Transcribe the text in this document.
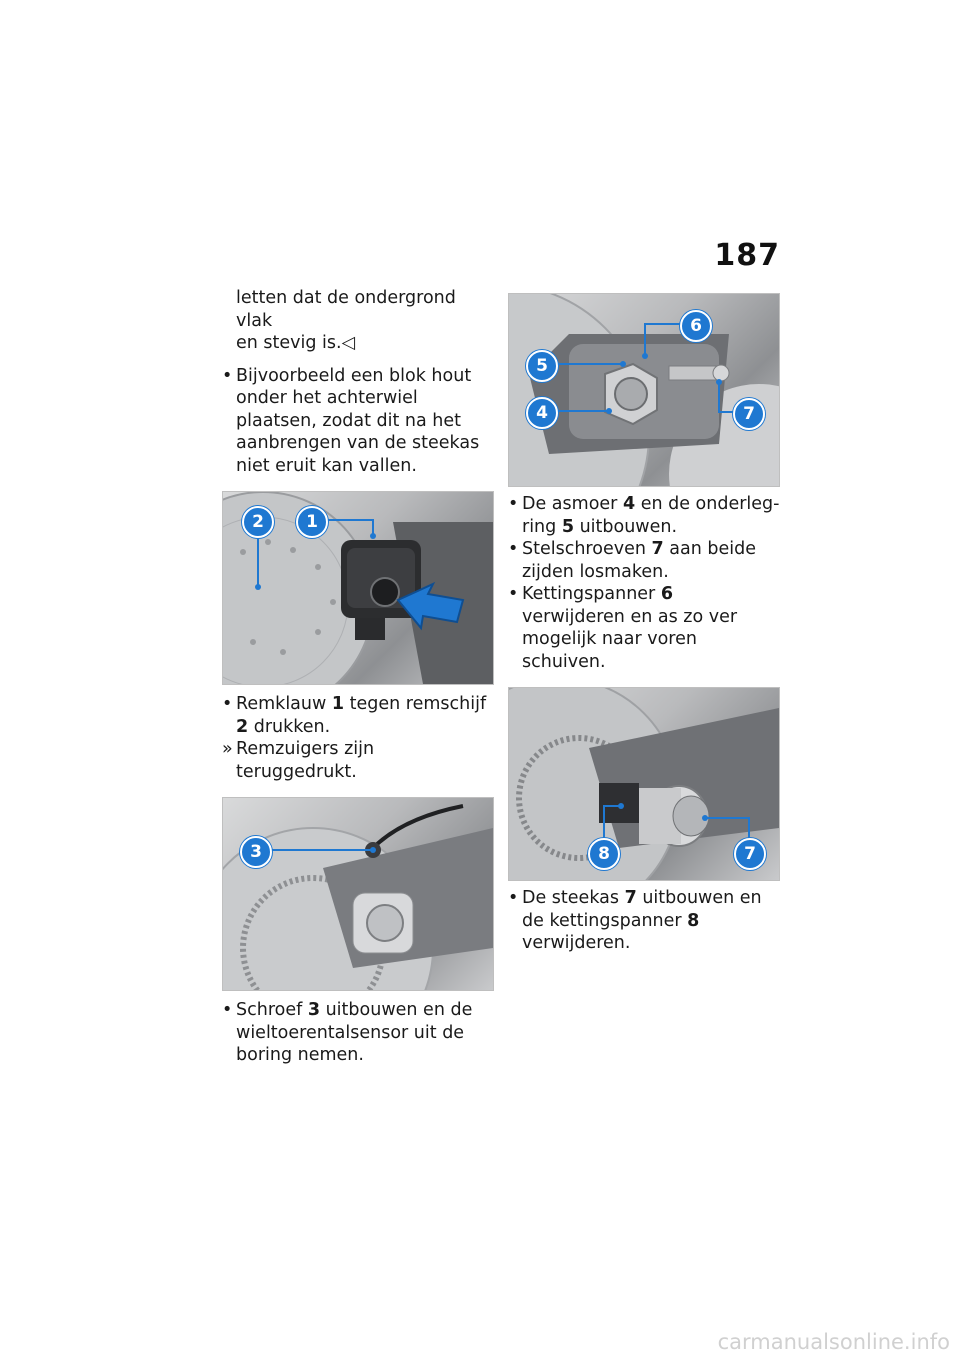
187
letten dat de ondergrond vlak
en stevig is.◁
• Bijvoorbeeld een blok hout onder het achterwiel plaatsen, zodat dit na het aanbrengen van de steekas niet eruit kan vallen.
2	1
• Remklauw 1 tegen remschijf 2 drukken.
» Remzuigers zijn teruggedrukt.
3
• Schroef 3 uitbouwen en de wieltoerentalsensor uit de boring nemen.
6
5
4	7
• De asmoer 4 en de onderlegring 5 uitbouwen.
• Stelschroeven 7 aan beide zijden losmaken.
• Kettingspanner 6 verwijderen en as zo ver mogelijk naar voren schuiven.
8	7
• De steekas 7 uitbouwen en de kettingspanner 8 verwijderen.
carmanualsonline.info
